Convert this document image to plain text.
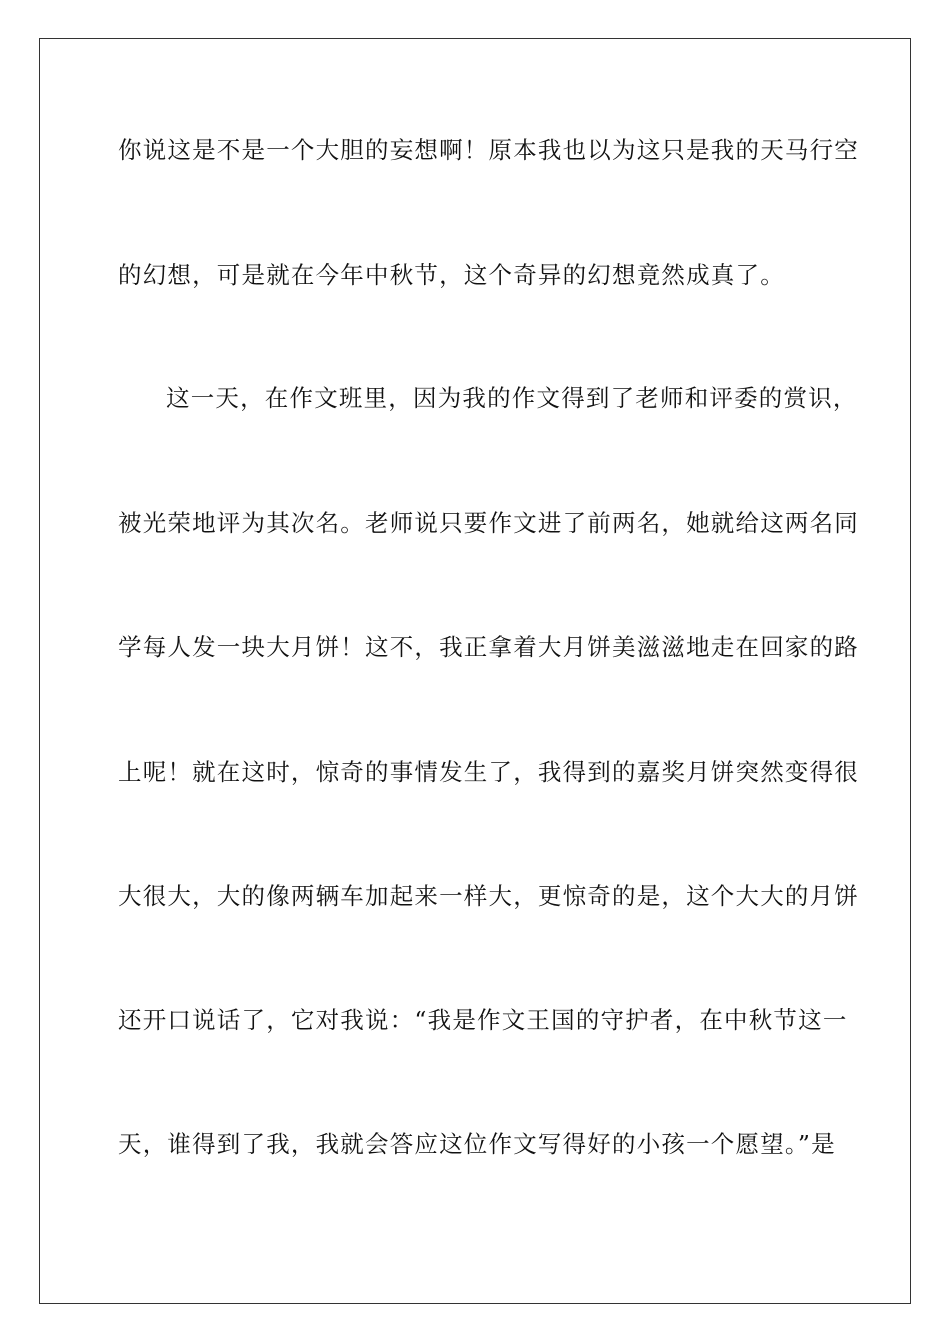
你说这是不是一个大胆的妄想啊！原本我也以为这只是我的天马行空
的幻想，可是就在今年中秋节，这个奇异的幻想竟然成真了。
这一天，在作文班里，因为我的作文得到了老师和评委的赏识，
被光荣地评为其次名。老师说只要作文进了前两名，她就给这两名同
学每人发一块大月饼！这不，我正拿着大月饼美滋滋地走在回家的路
上呢！就在这时，惊奇的事情发生了，我得到的嘉奖月饼突然变得很
大很大，大的像两辆车加起来一样大，更惊奇的是，这个大大的月饼
还开口说话了，它对我说：“我是作文王国的守护者，在中秋节这一
天，谁得到了我，我就会答应这位作文写得好的小孩一个愿望。”是
